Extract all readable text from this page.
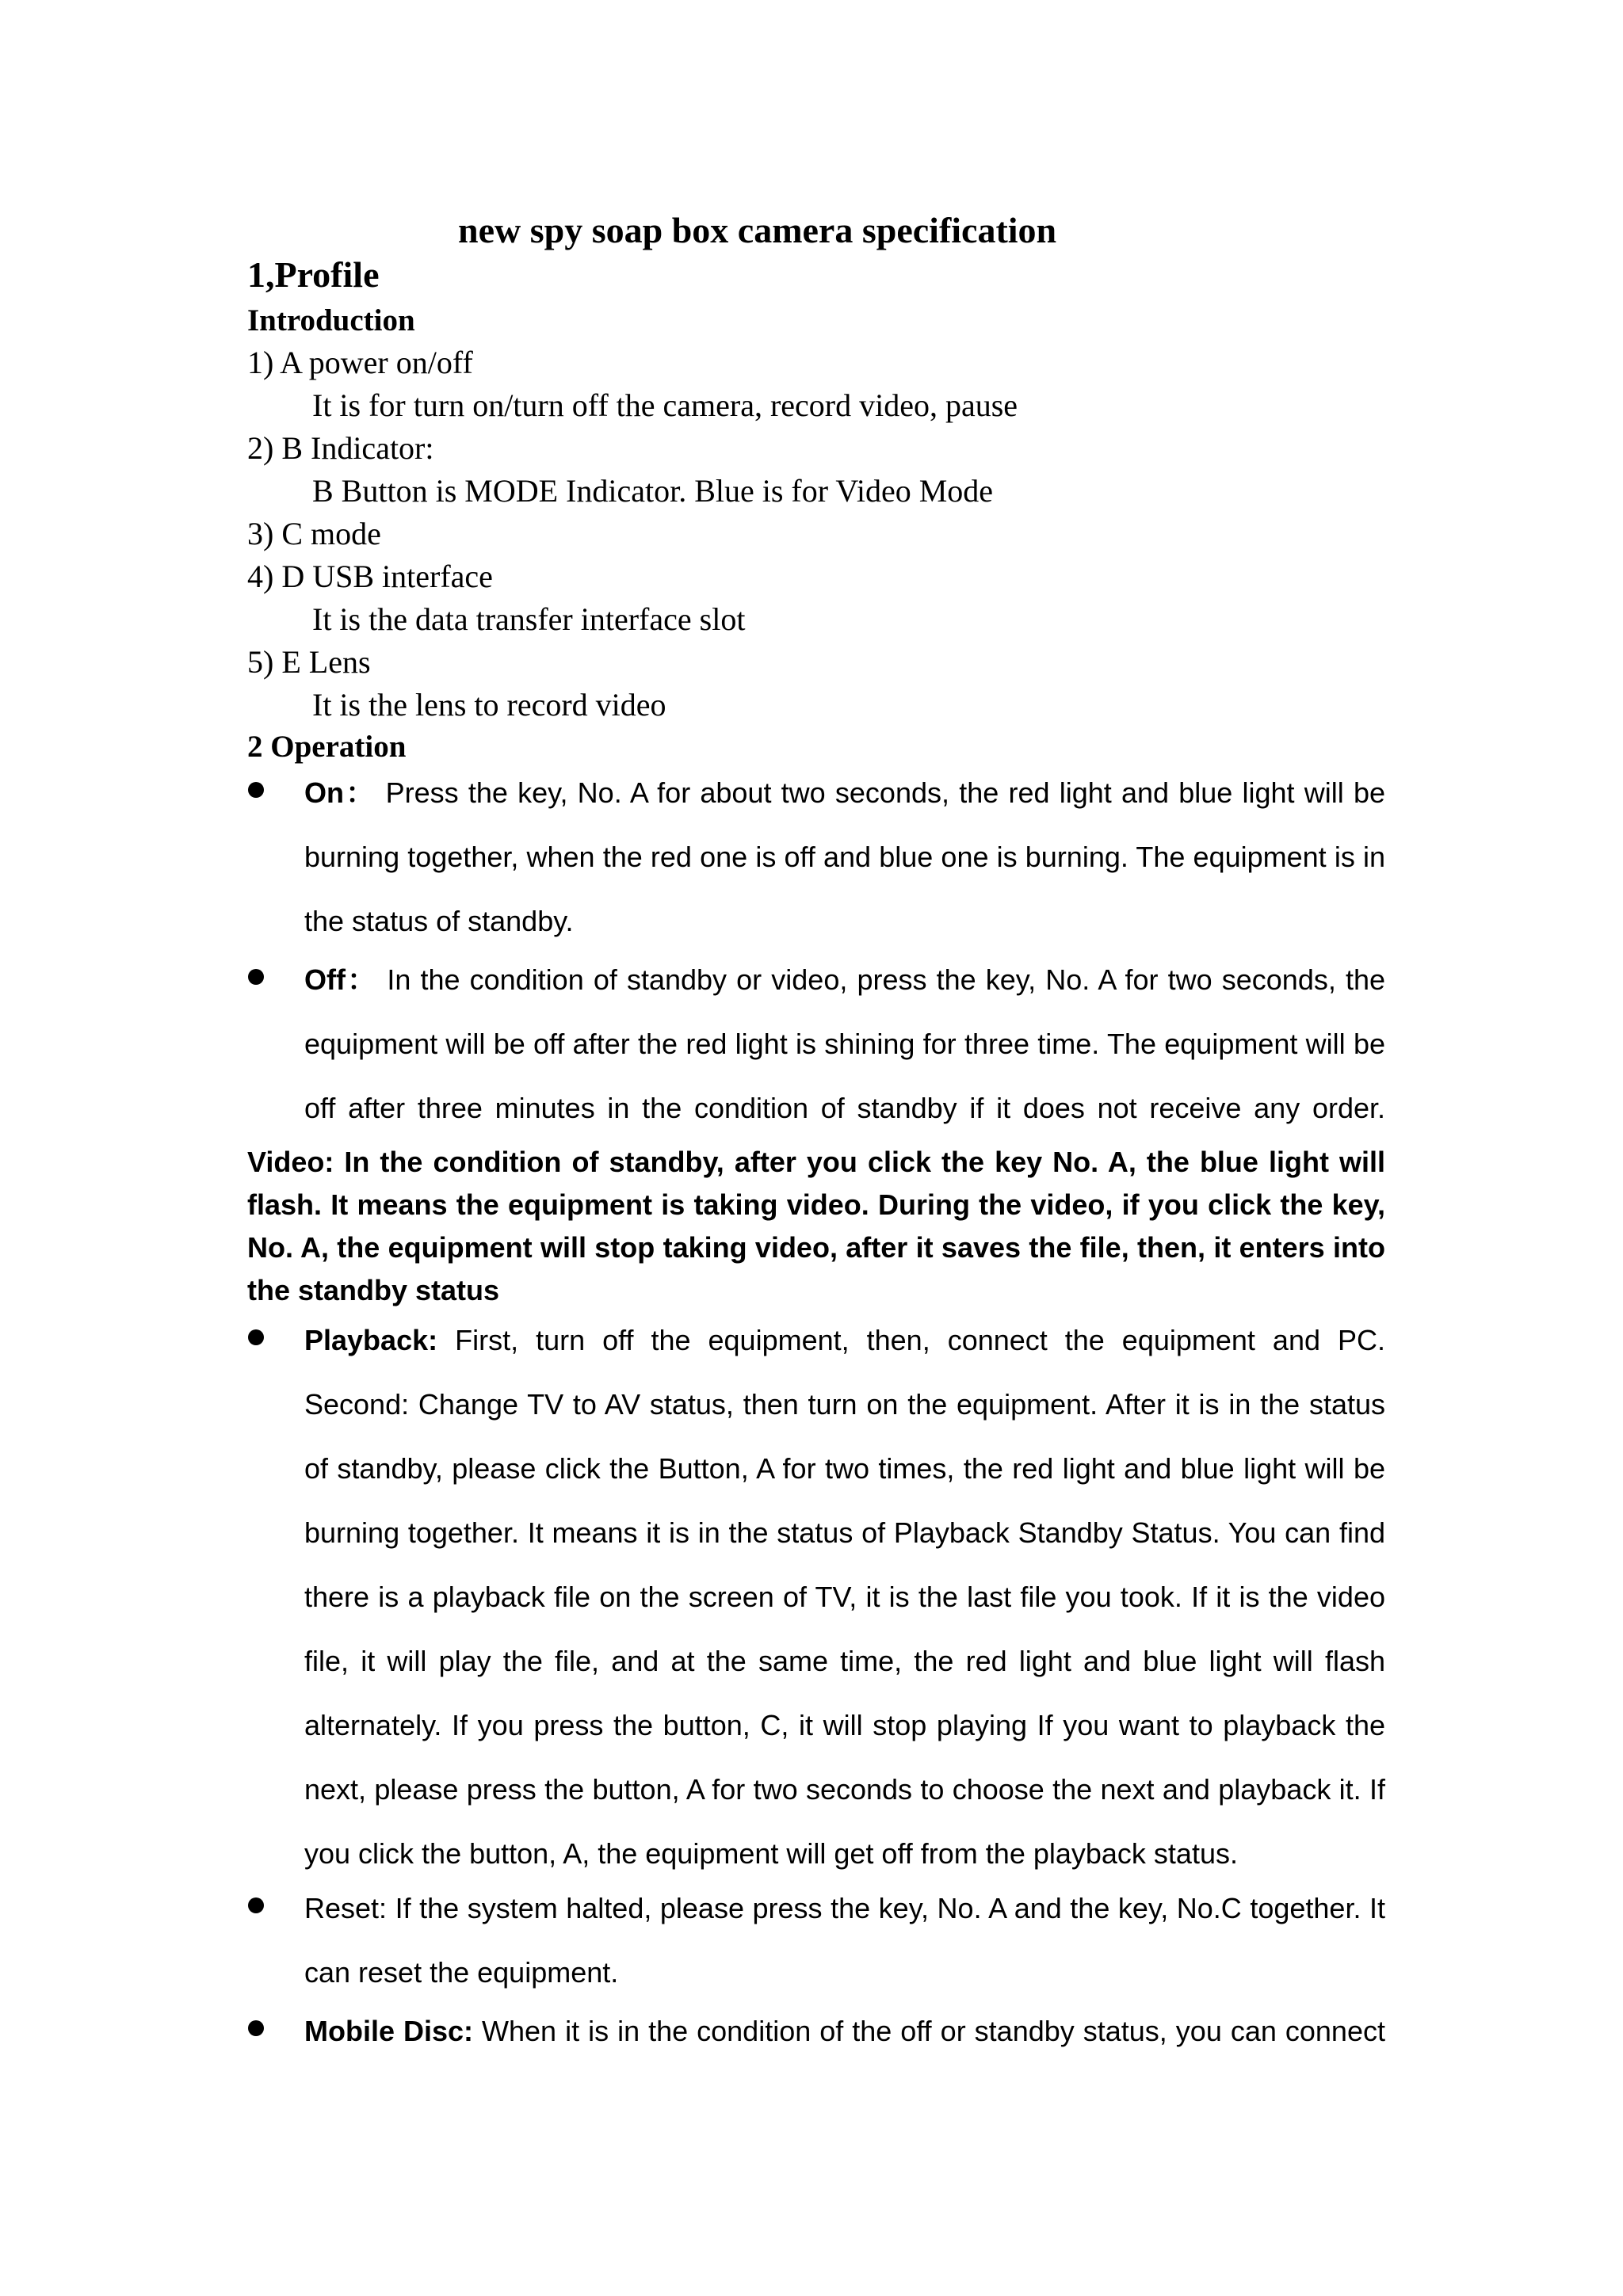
new spy soap box camera specification
1,Profile
Introduction
1) A power on/off
It is for turn on/turn off the camera, record video, pause
2) B Indicator:
B Button is MODE Indicator. Blue is for Video Mode
3) C mode
4) D USB interface
It is the data transfer interface slot
5) E Lens
It is the lens to record video
2 Operation
On： Press the key, No. A for about two seconds, the red light and blue light will be burning together, when the red one is off and blue one is burning. The equipment is in the status of standby.
Off： In the condition of standby or video, press the key, No. A for two seconds, the equipment will be off after the red light is shining for three time. The equipment will be off after three minutes in the condition of standby if it does not receive any order.
Video: In the condition of standby, after you click the key No. A, the blue light will flash. It means the equipment is taking video. During the video, if you click the key, No. A, the equipment will stop taking video, after it saves the file, then, it enters into the standby status
Playback: First, turn off the equipment, then, connect the equipment and PC. Second: Change TV to AV status, then turn on the equipment. After it is in the status of standby, please click the Button, A for two times, the red light and blue light will be burning together. It means it is in the status of Playback Standby Status. You can find there is a playback file on the screen of TV, it is the last file you took. If it is the video file, it will play the file, and at the same time, the red light and blue light will flash alternately. If you press the button, C, it will stop playing If you want to playback the next, please press the button, A for two seconds to choose the next and playback it. If you click the button, A, the equipment will get off from the playback status.
Reset: If the system halted, please press the key, No. A and the key, No.C together. It can reset the equipment.
Mobile Disc: When it is in the condition of the off or standby status, you can connect
